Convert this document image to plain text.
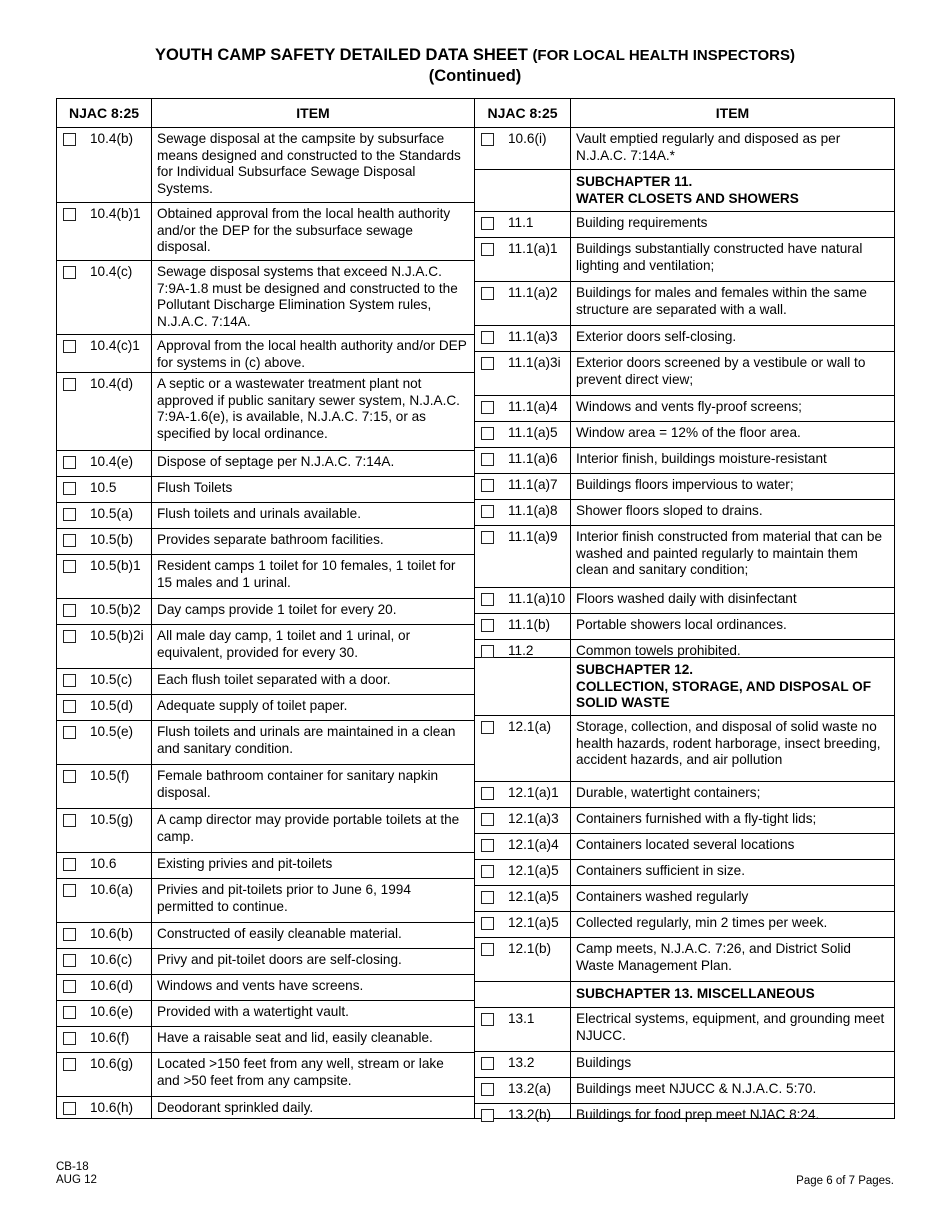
YOUTH CAMP SAFETY DETAILED DATA SHEET (FOR LOCAL HEALTH INSPECTORS)
(Continued)
NJAC 8:25	ITEM
10.4(b) Sewage disposal at the campsite by subsurface means designed and constructed to the Standards for Individual Subsurface Sewage Disposal Systems.
10.4(b)1 Obtained approval from the local health authority and/or the DEP for the subsurface sewage disposal.
10.4(c) Sewage disposal systems that exceed N.J.A.C. 7:9A-1.8 must be designed and constructed to the Pollutant Discharge Elimination System rules, N.J.A.C. 7:14A.
10.4(c)1 Approval from the local health authority and/or DEP for systems in (c) above.
10.4(d) A septic or a wastewater treatment plant not approved if public sanitary sewer system, N.J.A.C. 7:9A-1.6(e), is available, N.J.A.C. 7:15, or as specified by local ordinance.
10.4(e) Dispose of septage per N.J.A.C. 7:14A.
10.5	Flush Toilets
10.5(a) Flush toilets and urinals available.
10.5(b) Provides separate bathroom facilities.
10.5(b)1 Resident camps 1 toilet for 10 females, 1 toilet for 15 males and 1 urinal.
10.5(b)2 Day camps provide 1 toilet for every 20.
10.5(b)2i All male day camp, 1 toilet and 1 urinal, or equivalent, provided for every 30.
10.5(c) Each flush toilet separated with a door.
10.5(d) Adequate supply of toilet paper.
10.5(e) Flush toilets and urinals are maintained in a clean and sanitary condition.
10.5(f) Female bathroom container for sanitary napkin disposal.
10.5(g) A camp director may provide portable toilets at the camp.
10.6	Existing privies and pit-toilets
10.6(a) Privies and pit-toilets prior to June 6, 1994 permitted to continue.
10.6(b) Constructed of easily cleanable material.
10.6(c) Privy and pit-toilet doors are self-closing.
10.6(d) Windows and vents have screens.
10.6(e) Provided with a watertight vault.
10.6(f) Have a raisable seat and lid, easily cleanable.
10.6(g) Located >150 feet from any well, stream or lake and >50 feet from any campsite.
10.6(h) Deodorant sprinkled daily.
NJAC 8:25	ITEM
10.6(i) Vault emptied regularly and disposed as per N.J.A.C. 7:14A.*
SUBCHAPTER 11.
WATER CLOSETS AND SHOWERS
11.1	Building requirements
11.1(a)1 Buildings substantially constructed have natural lighting and ventilation;
11.1(a)2 Buildings for males and females within the same structure are separated with a wall.
11.1(a)3 Exterior doors self-closing.
11.1(a)3i Exterior doors screened by a vestibule or wall to prevent direct view;
11.1(a)4 Windows and vents fly-proof screens;
11.1(a)5 Window area = 12% of the floor area.
11.1(a)6 Interior finish, buildings moisture-resistant
11.1(a)7 Buildings floors impervious to water;
11.1(a)8 Shower floors sloped to drains.
11.1(a)9 Interior finish constructed from material that can be washed and painted regularly to maintain them clean and sanitary condition;
11.1(a)10 Floors washed daily with disinfectant
11.1(b) Portable showers local ordinances.
11.2	Common towels prohibited.
SUBCHAPTER 12.
COLLECTION, STORAGE, AND DISPOSAL OF SOLID WASTE
12.1(a) Storage, collection, and disposal of solid waste no health hazards, rodent harborage, insect breeding, accident hazards, and air pollution
12.1(a)1 Durable, watertight containers;
12.1(a)3 Containers furnished with a fly-tight lids;
12.1(a)4 Containers located several locations
12.1(a)5 Containers sufficient in size.
12.1(a)5 Containers washed regularly
12.1(a)5 Collected regularly, min 2 times per week.
12.1(b) Camp meets, N.J.A.C. 7:26, and District Solid Waste Management Plan.
SUBCHAPTER 13. MISCELLANEOUS
13.1	Electrical systems, equipment, and grounding meet NJUCC.
13.2	Buildings
13.2(a) Buildings meet NJUCC & N.J.A.C. 5:70.
13.2(b) Buildings for food prep meet NJAC 8:24.
CB-18
AUG 12	Page 6 of 7 Pages.
